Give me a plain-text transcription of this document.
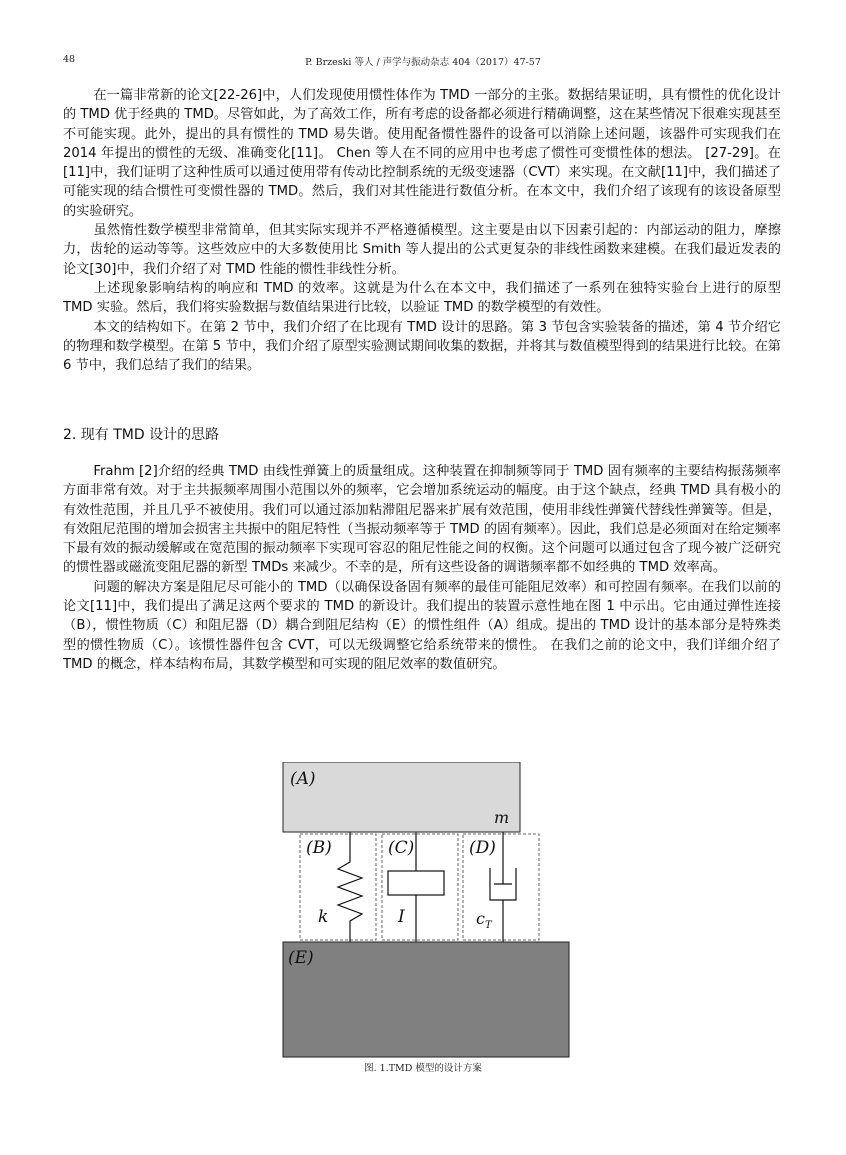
48	P. Brzeski 等人 / 声学与振动杂志 404（2017）47-57

在一篇非常新的论文[22-26]中，人们发现使用惯性体作为 TMD 一部分的主张。数据结果证明，具有惯性的优化设计的 TMD 优于经典的 TMD。尽管如此，为了高效工作，所有考虑的设备都必须进行精确调整，这在某些情况下很难实现甚至不可能实现。此外，提出的具有惯性的 TMD 易失谐。使用配备惯性器件的设备可以消除上述问题，该器件可实现我们在 2014 年提出的惯性的无级、准确变化[11]。 Chen 等人在不同的应用中也考虑了惯性可变惯性体的想法。 [27-29]。在[11]中，我们证明了这种性质可以通过使用带有传动比控制系统的无级变速器（CVT）来实现。在文献[11]中，我们描述了可能实现的结合惯性可变惯性器的 TMD。然后，我们对其性能进行数值分析。在本文中，我们介绍了该现有的该设备原型的实验研究。

虽然惰性数学模型非常简单，但其实际实现并不严格遵循模型。这主要是由以下因素引起的：内部运动的阻力，摩擦力，齿轮的运动等等。这些效应中的大多数使用比 Smith 等人提出的公式更复杂的非线性函数来建模。在我们最近发表的论文[30]中，我们介绍了对 TMD 性能的惯性非线性分析。

上述现象影响结构的响应和 TMD 的效率。这就是为什么在本文中，我们描述了一系列在独特实验台上进行的原型 TMD 实验。然后，我们将实验数据与数值结果进行比较，以验证 TMD 的数学模型的有效性。

本文的结构如下。在第 2 节中，我们介绍了在比现有 TMD 设计的思路。第 3 节包含实验装备的描述，第 4 节介绍它的物理和数学模型。在第 5 节中，我们介绍了原型实验测试期间收集的数据，并将其与数值模型得到的结果进行比较。在第 6 节中，我们总结了我们的结果。

2. 现有 TMD 设计的思路

Frahm [2]介绍的经典 TMD 由线性弹簧上的质量组成。这种装置在抑制频等同于 TMD 固有频率的主要结构振荡频率方面非常有效。对于主共振频率周围小范围以外的频率，它会增加系统运动的幅度。由于这个缺点，经典 TMD 具有极小的有效性范围，并且几乎不被使用。我们可以通过添加粘滞阻尼器来扩展有效范围，使用非线性弹簧代替线性弹簧等。但是，有效阻尼范围的增加会损害主共振中的阻尼特性（当振动频率等于 TMD 的固有频率）。因此，我们总是必须面对在给定频率下最有效的振动缓解或在宽范围的振动频率下实现可容忍的阻尼性能之间的权衡。这个问题可以通过包含了现今被广泛研究的惯性器或磁流变阻尼器的新型 TMDs 来减少。不幸的是，所有这些设备的调谐频率都不如经典的 TMD 效率高。

问题的解决方案是阻尼尽可能小的 TMD（以确保设备固有频率的最佳可能阻尼效率）和可控固有频率。在我们以前的论文[11]中，我们提出了满足这两个要求的 TMD 的新设计。我们提出的装置示意性地在图 1 中示出。它由通过弹性连接（B），惯性物质（C）和阻尼器（D）耦合到阻尼结构（E）的惯性组件（A）组成。提出的 TMD 设计的基本部分是特殊类型的惯性物质（C）。该惯性器件包含 CVT，可以无级调整它给系统带来的惯性。 在我们之前的论文中，我们详细介绍了 TMD 的概念，样本结构布局，其数学模型和可实现的阻尼效率的数值研究。

(A)
m
(B)	(C)	(D)
k	I	$c_T$
(E)
图. 1.TMD 模型的设计方案
